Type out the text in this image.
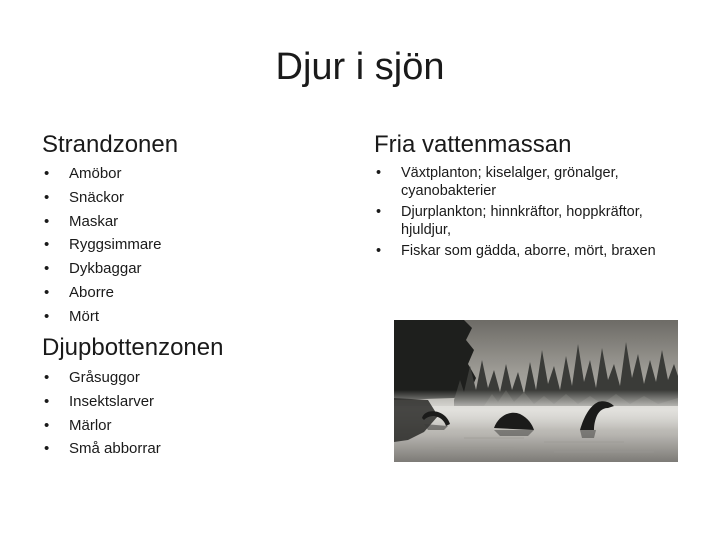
Djur i sjön
Strandzonen
• Amöbor
• Snäckor
• Maskar
• Ryggsimmare
• Dykbaggar
• Aborre
• Mört
Djupbottenzonen
• Gråsuggor
• Insektslarver
• Märlor
• Små abborrar
Fria vattenmassan
• Växtplanton; kiselalger, grönalger, cyanobakterier
• Djurplankton; hinnkräftor, hoppkräftor, hjuldjur,
• Fiskar som gädda, aborre, mört, braxen
